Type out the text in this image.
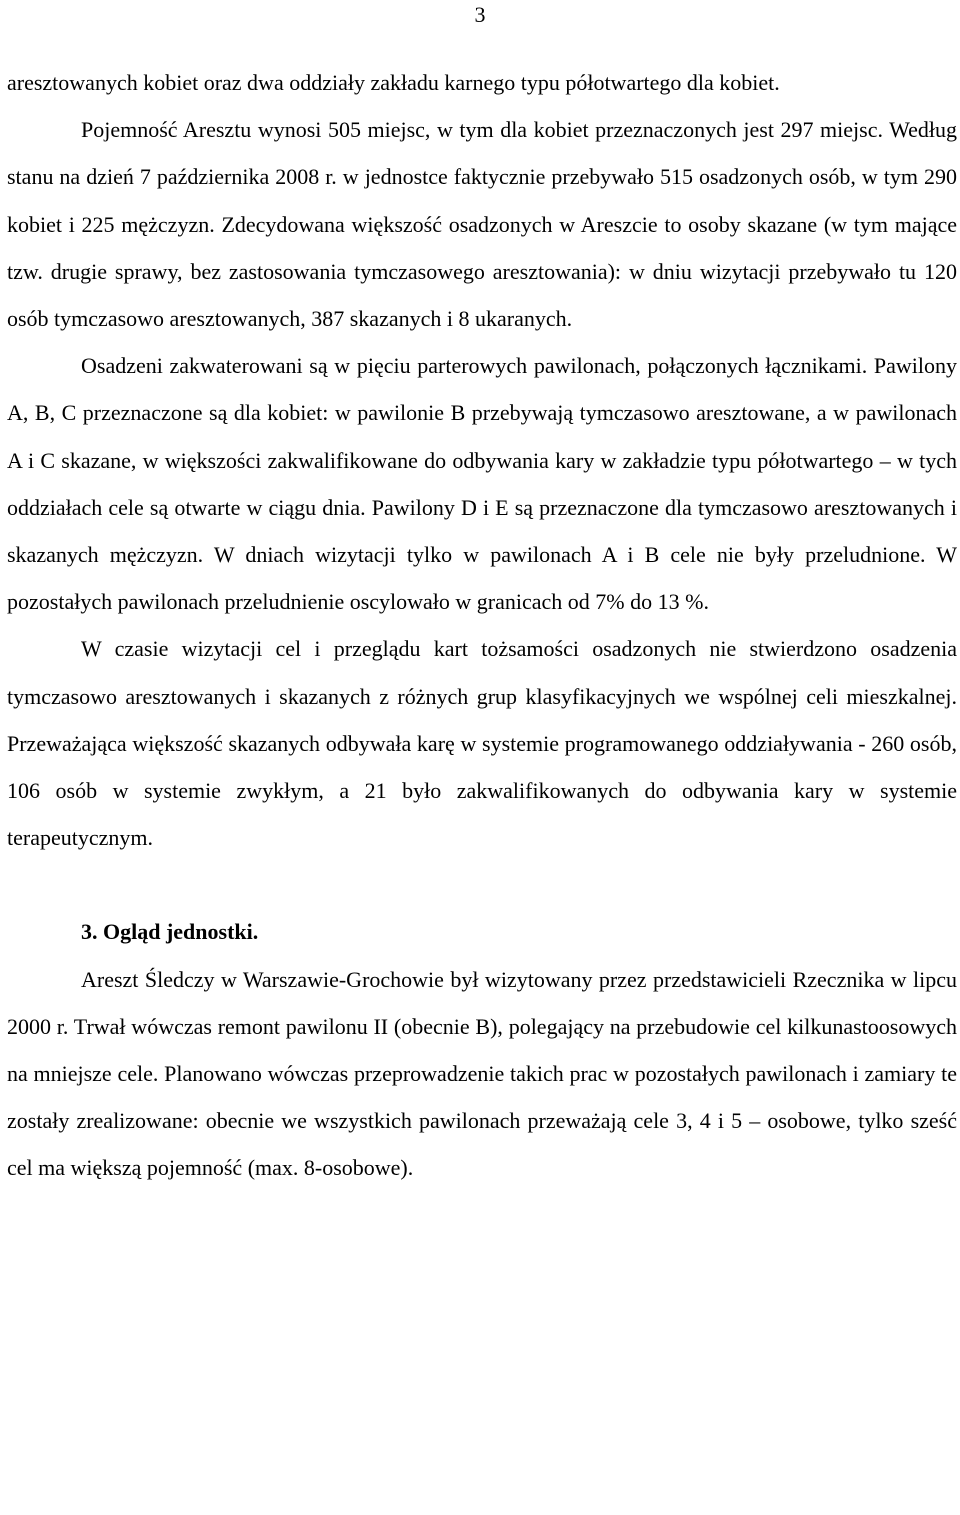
3

aresztowanych kobiet oraz dwa oddziały zakładu karnego typu półotwartego dla kobiet.

Pojemność Aresztu wynosi 505 miejsc, w tym dla kobiet przeznaczonych jest 297 miejsc. Według stanu na dzień 7 października 2008 r. w jednostce faktycznie przebywało 515 osadzonych osób, w tym 290 kobiet i 225 mężczyzn. Zdecydowana większość osadzonych w Areszcie to osoby skazane (w tym mające tzw. drugie sprawy, bez zastosowania tymczasowego aresztowania): w dniu wizytacji przebywało tu 120 osób tymczasowo aresztowanych, 387 skazanych i 8 ukaranych.

Osadzeni zakwaterowani są w pięciu parterowych pawilonach, połączonych łącznikami. Pawilony A, B, C przeznaczone są dla kobiet: w pawilonie B przebywają tymczasowo aresztowane, a w pawilonach A i C skazane, w większości zakwalifikowane do odbywania kary w zakładzie typu półotwartego – w tych oddziałach cele są otwarte w ciągu dnia. Pawilony D i E są przeznaczone dla tymczasowo aresztowanych i skazanych mężczyzn. W dniach wizytacji tylko w pawilonach A i B cele nie były przeludnione. W pozostałych pawilonach przeludnienie oscylowało w granicach od 7% do 13 %.

W czasie wizytacji cel i przeglądu kart tożsamości osadzonych nie stwierdzono osadzenia tymczasowo aresztowanych i skazanych z różnych grup klasyfikacyjnych we wspólnej celi mieszkalnej. Przeważająca większość skazanych odbywała karę w systemie programowanego oddziaływania - 260 osób, 106 osób w systemie zwykłym, a 21 było zakwalifikowanych do odbywania kary w systemie terapeutycznym.

3. Ogląd jednostki.

Areszt Śledczy w Warszawie-Grochowie był wizytowany przez przedstawicieli Rzecznika w lipcu 2000 r. Trwał wówczas remont pawilonu II (obecnie B), polegający na przebudowie cel kilkunastoosowych na mniejsze cele. Planowano wówczas przeprowadzenie takich prac w pozostałych pawilonach i zamiary te zostały zrealizowane: obecnie we wszystkich pawilonach przeważają cele 3, 4 i 5 – osobowe, tylko sześć cel ma większą pojemność (max. 8-osobowe).
